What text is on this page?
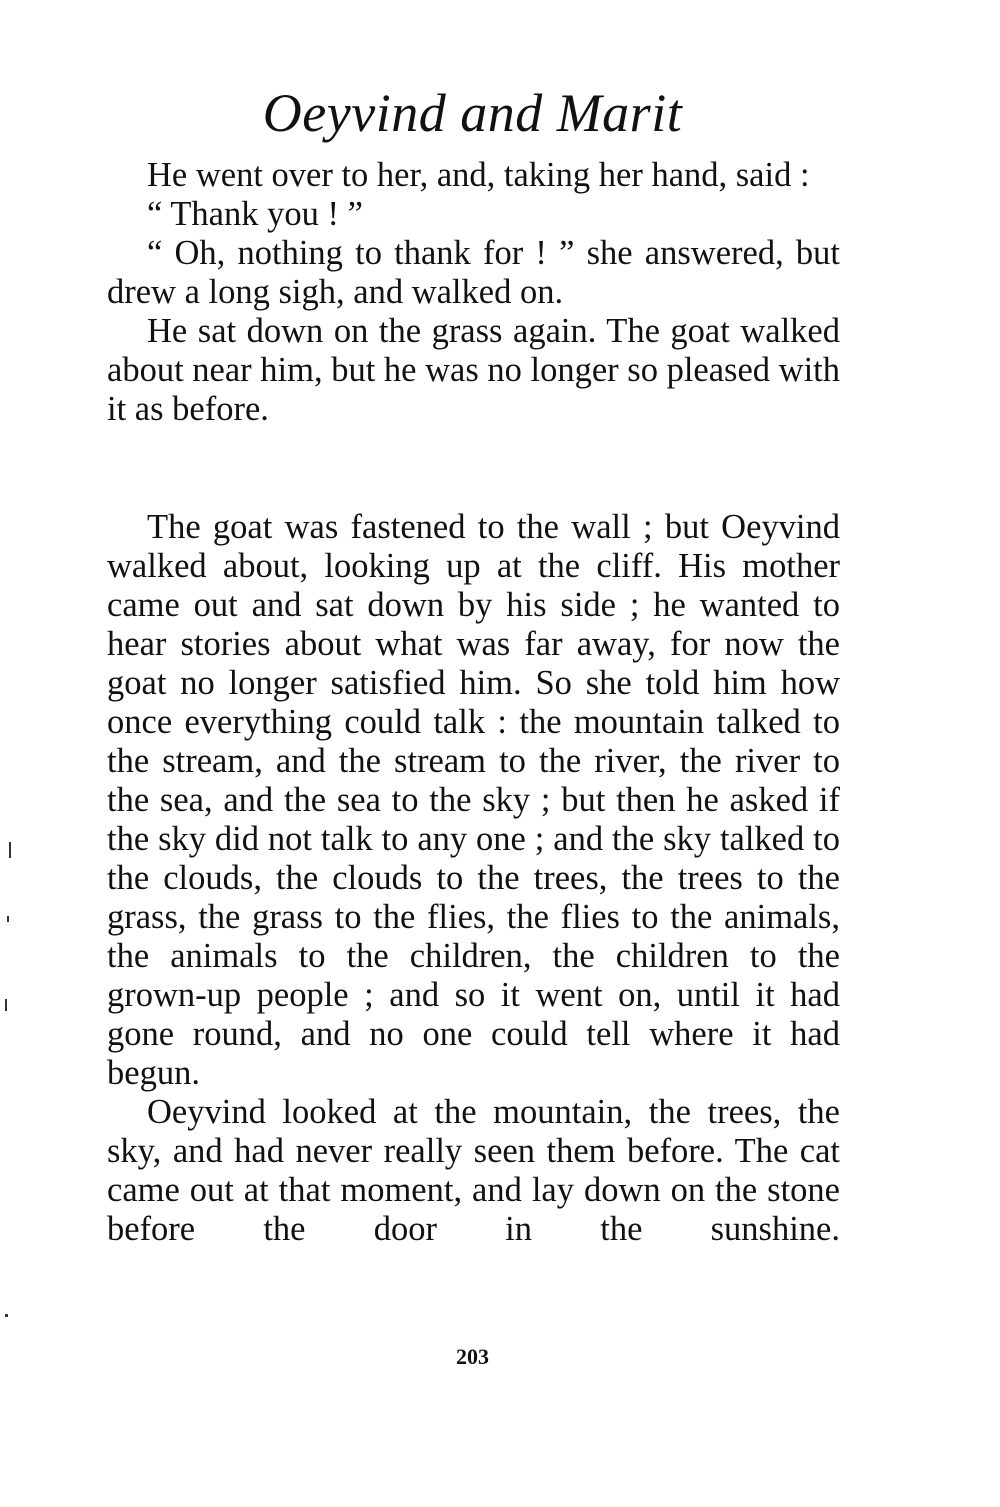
Oeyvind and Marit

He went over to her, and, taking her hand, said :

“ Thank you ! ”

“ Oh, nothing to thank for ! ” she answered, but drew a long sigh, and walked on.

He sat down on the grass again. The goat walked about near him, but he was no longer so pleased with it as before.

The goat was fastened to the wall ; but Oeyvind walked about, looking up at the cliff. His mother came out and sat down by his side ; he wanted to hear stories about what was far away, for now the goat no longer satisfied him. So she told him how once everything could talk : the mountain talked to the stream, and the stream to the river, the river to the sea, and the sea to the sky ; but then he asked if the sky did not talk to any one ; and the sky talked to the clouds, the clouds to the trees, the trees to the grass, the grass to the flies, the flies to the animals, the animals to the children, the children to the grown-up people ; and so it went on, until it had gone round, and no one could tell where it had begun.

Oeyvind looked at the mountain, the trees, the sky, and had never really seen them before. The cat came out at that moment, and lay down on the stone before the door in the sunshine.

203
